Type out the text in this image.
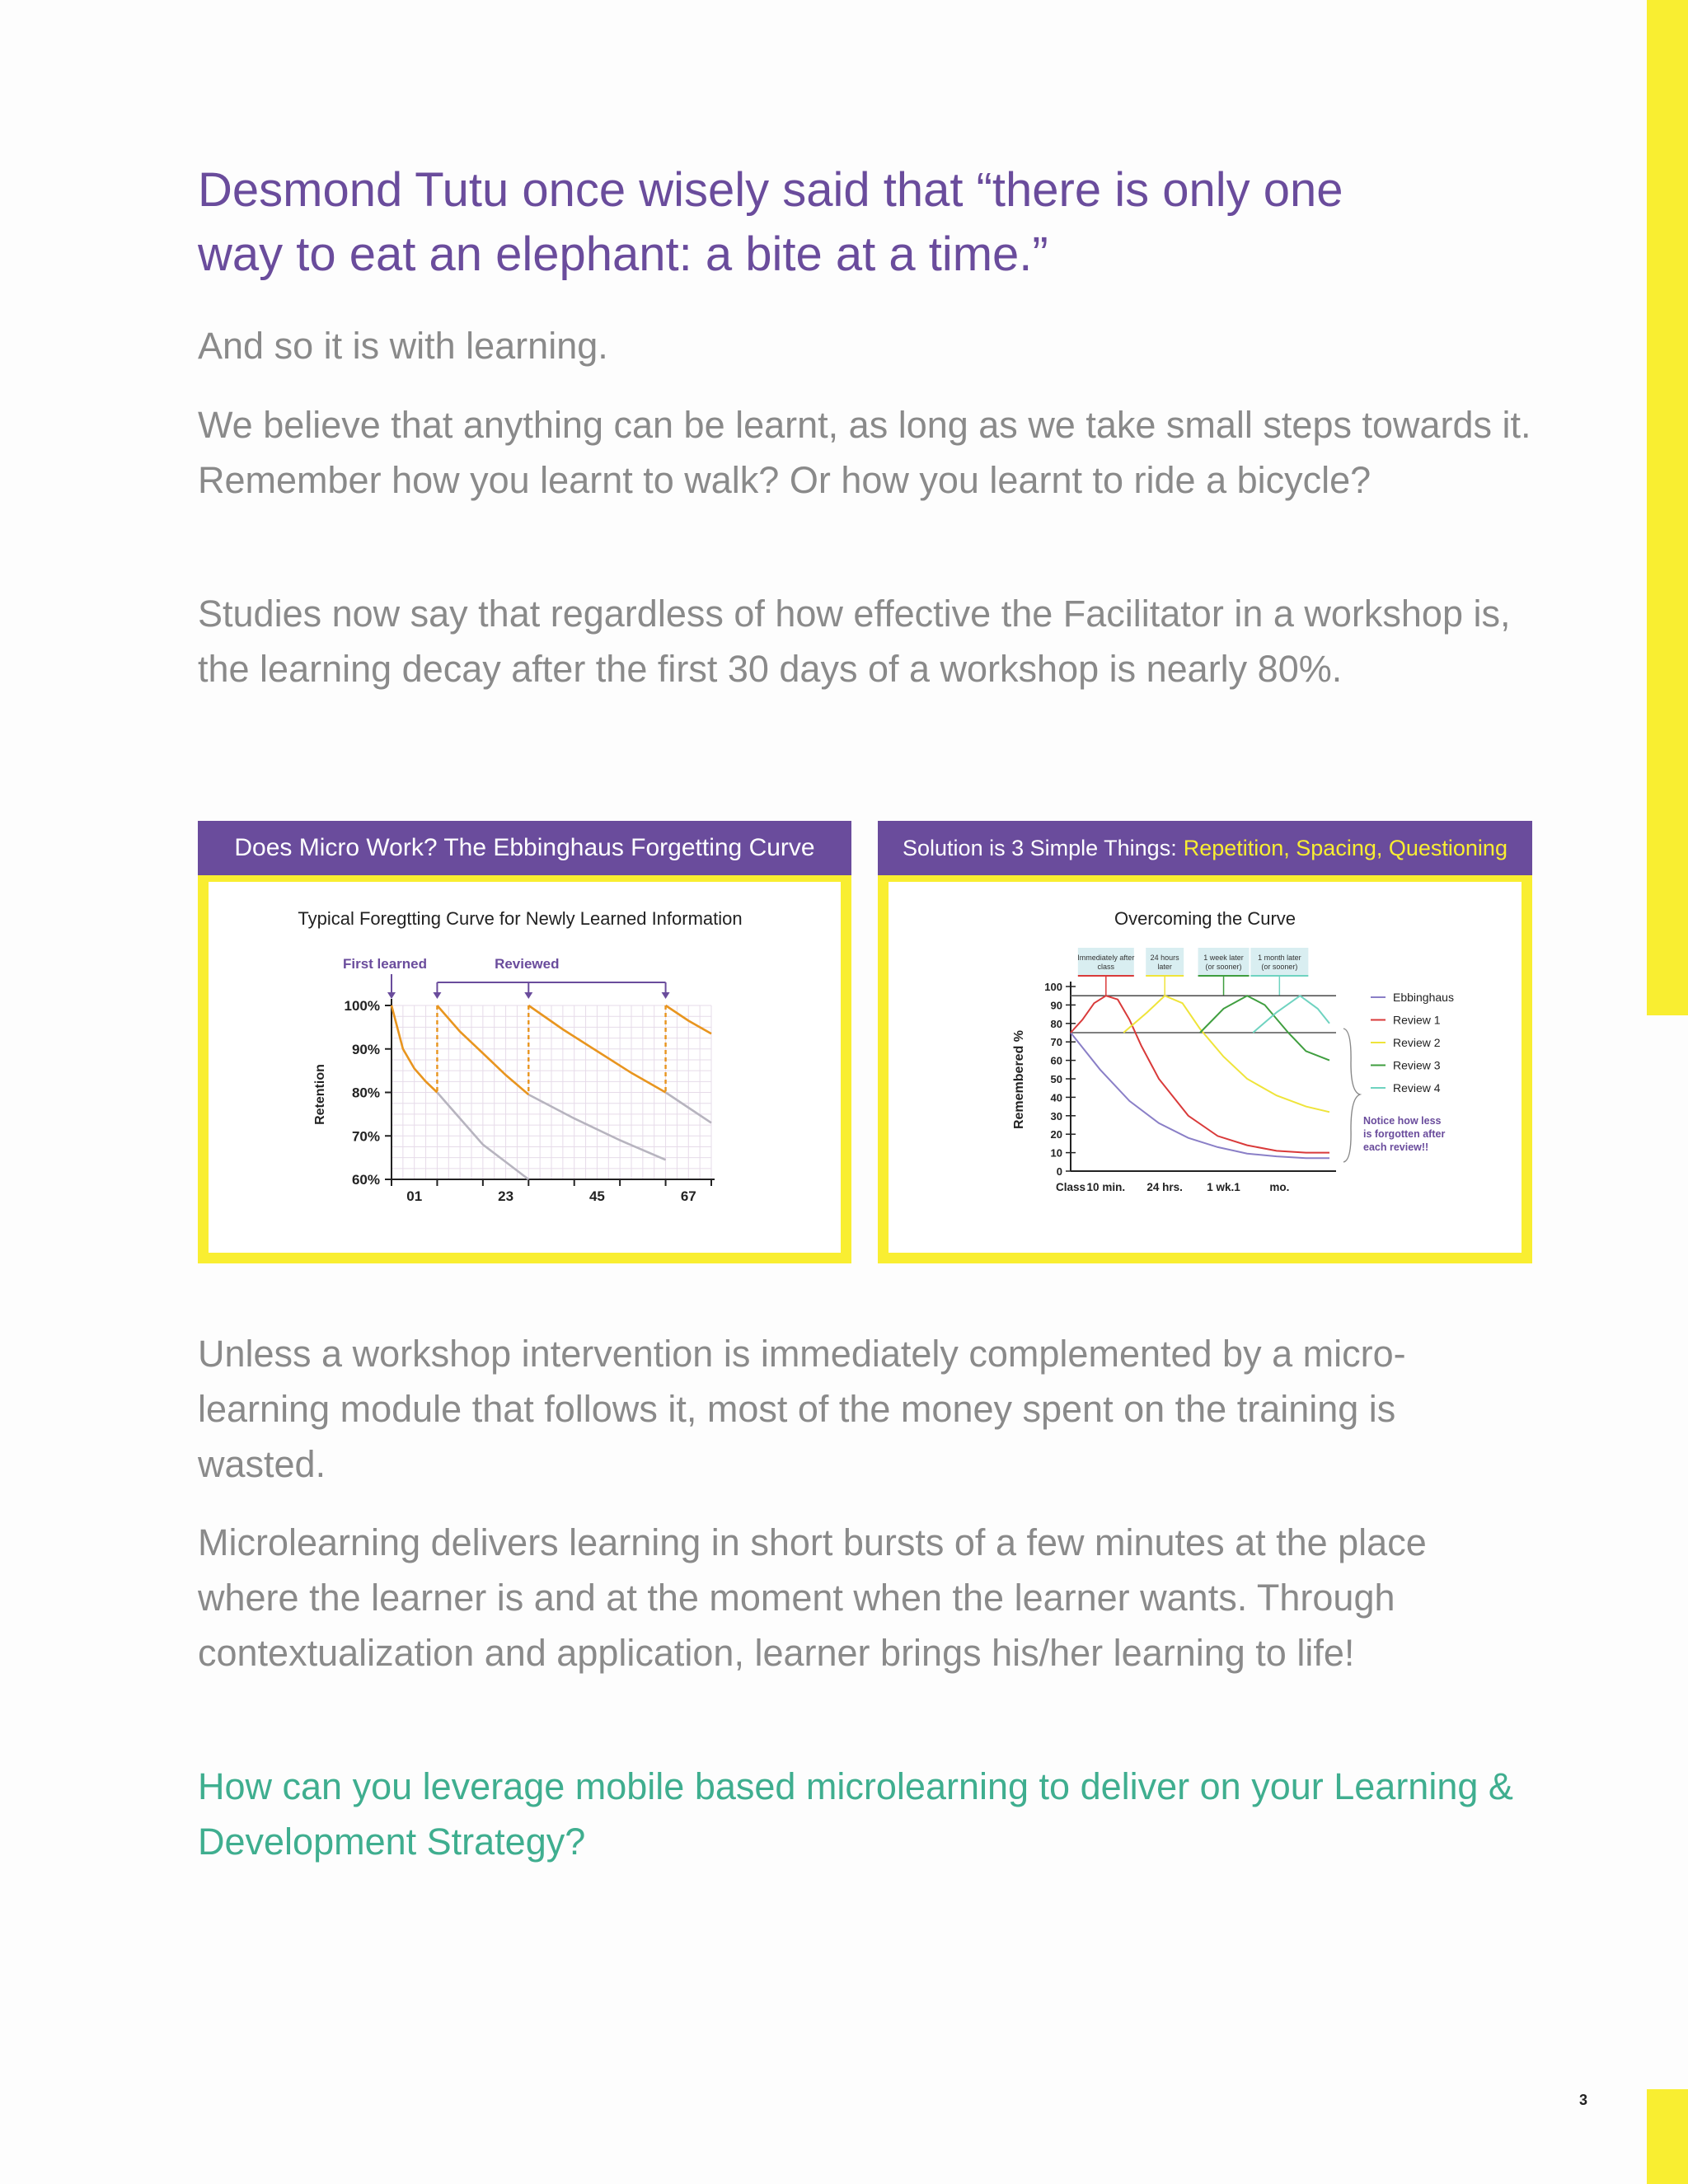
3
Desmond Tutu once wisely said that “there is only one way to eat an elephant: a bite at a time.”

And so it is with learning.

We believe that anything can be learnt, as long as we take small steps towards it. Remember how you learnt to walk? Or how you learnt to ride a bicycle?

Studies now say that regardless of how effective the Facilitator in a workshop is, the learning decay after the first 30 days of a workshop is nearly 80%.

Does Micro Work? The Ebbinghaus Forgetting Curve
60%
70%
80%
90%
100%
01	23	45	67
First learned	Reviewed
Typical Foregtting Curve for Newly Learned Information
Retention
Solution is 3 Simple Things: Repetition, Spacing, Questioning
Immediately after
class
24 hours
later
1 week later
(or sooner)
1 month later
(or sooner)
0
10
20
30
40
50
60
70
80
90
100
Class 10 min. 24 hrs. 1 wk.1	mo.
Ebbinghaus
Review 1
Review 2
Review 3
Review 4
Overcoming the Curve
Remembered %	Notice how less is forgotten after each review!!

Unless a workshop intervention is immediately complemented by a micro-learning module that follows it, most of the money spent on the training is wasted.

Microlearning delivers learning in short bursts of a few minutes at the place where the learner is and at the moment when the learner wants. Through contextualization and application, learner brings his/her learning to life!

How can you leverage mobile based microlearning to deliver on your Learning & Development Strategy?
